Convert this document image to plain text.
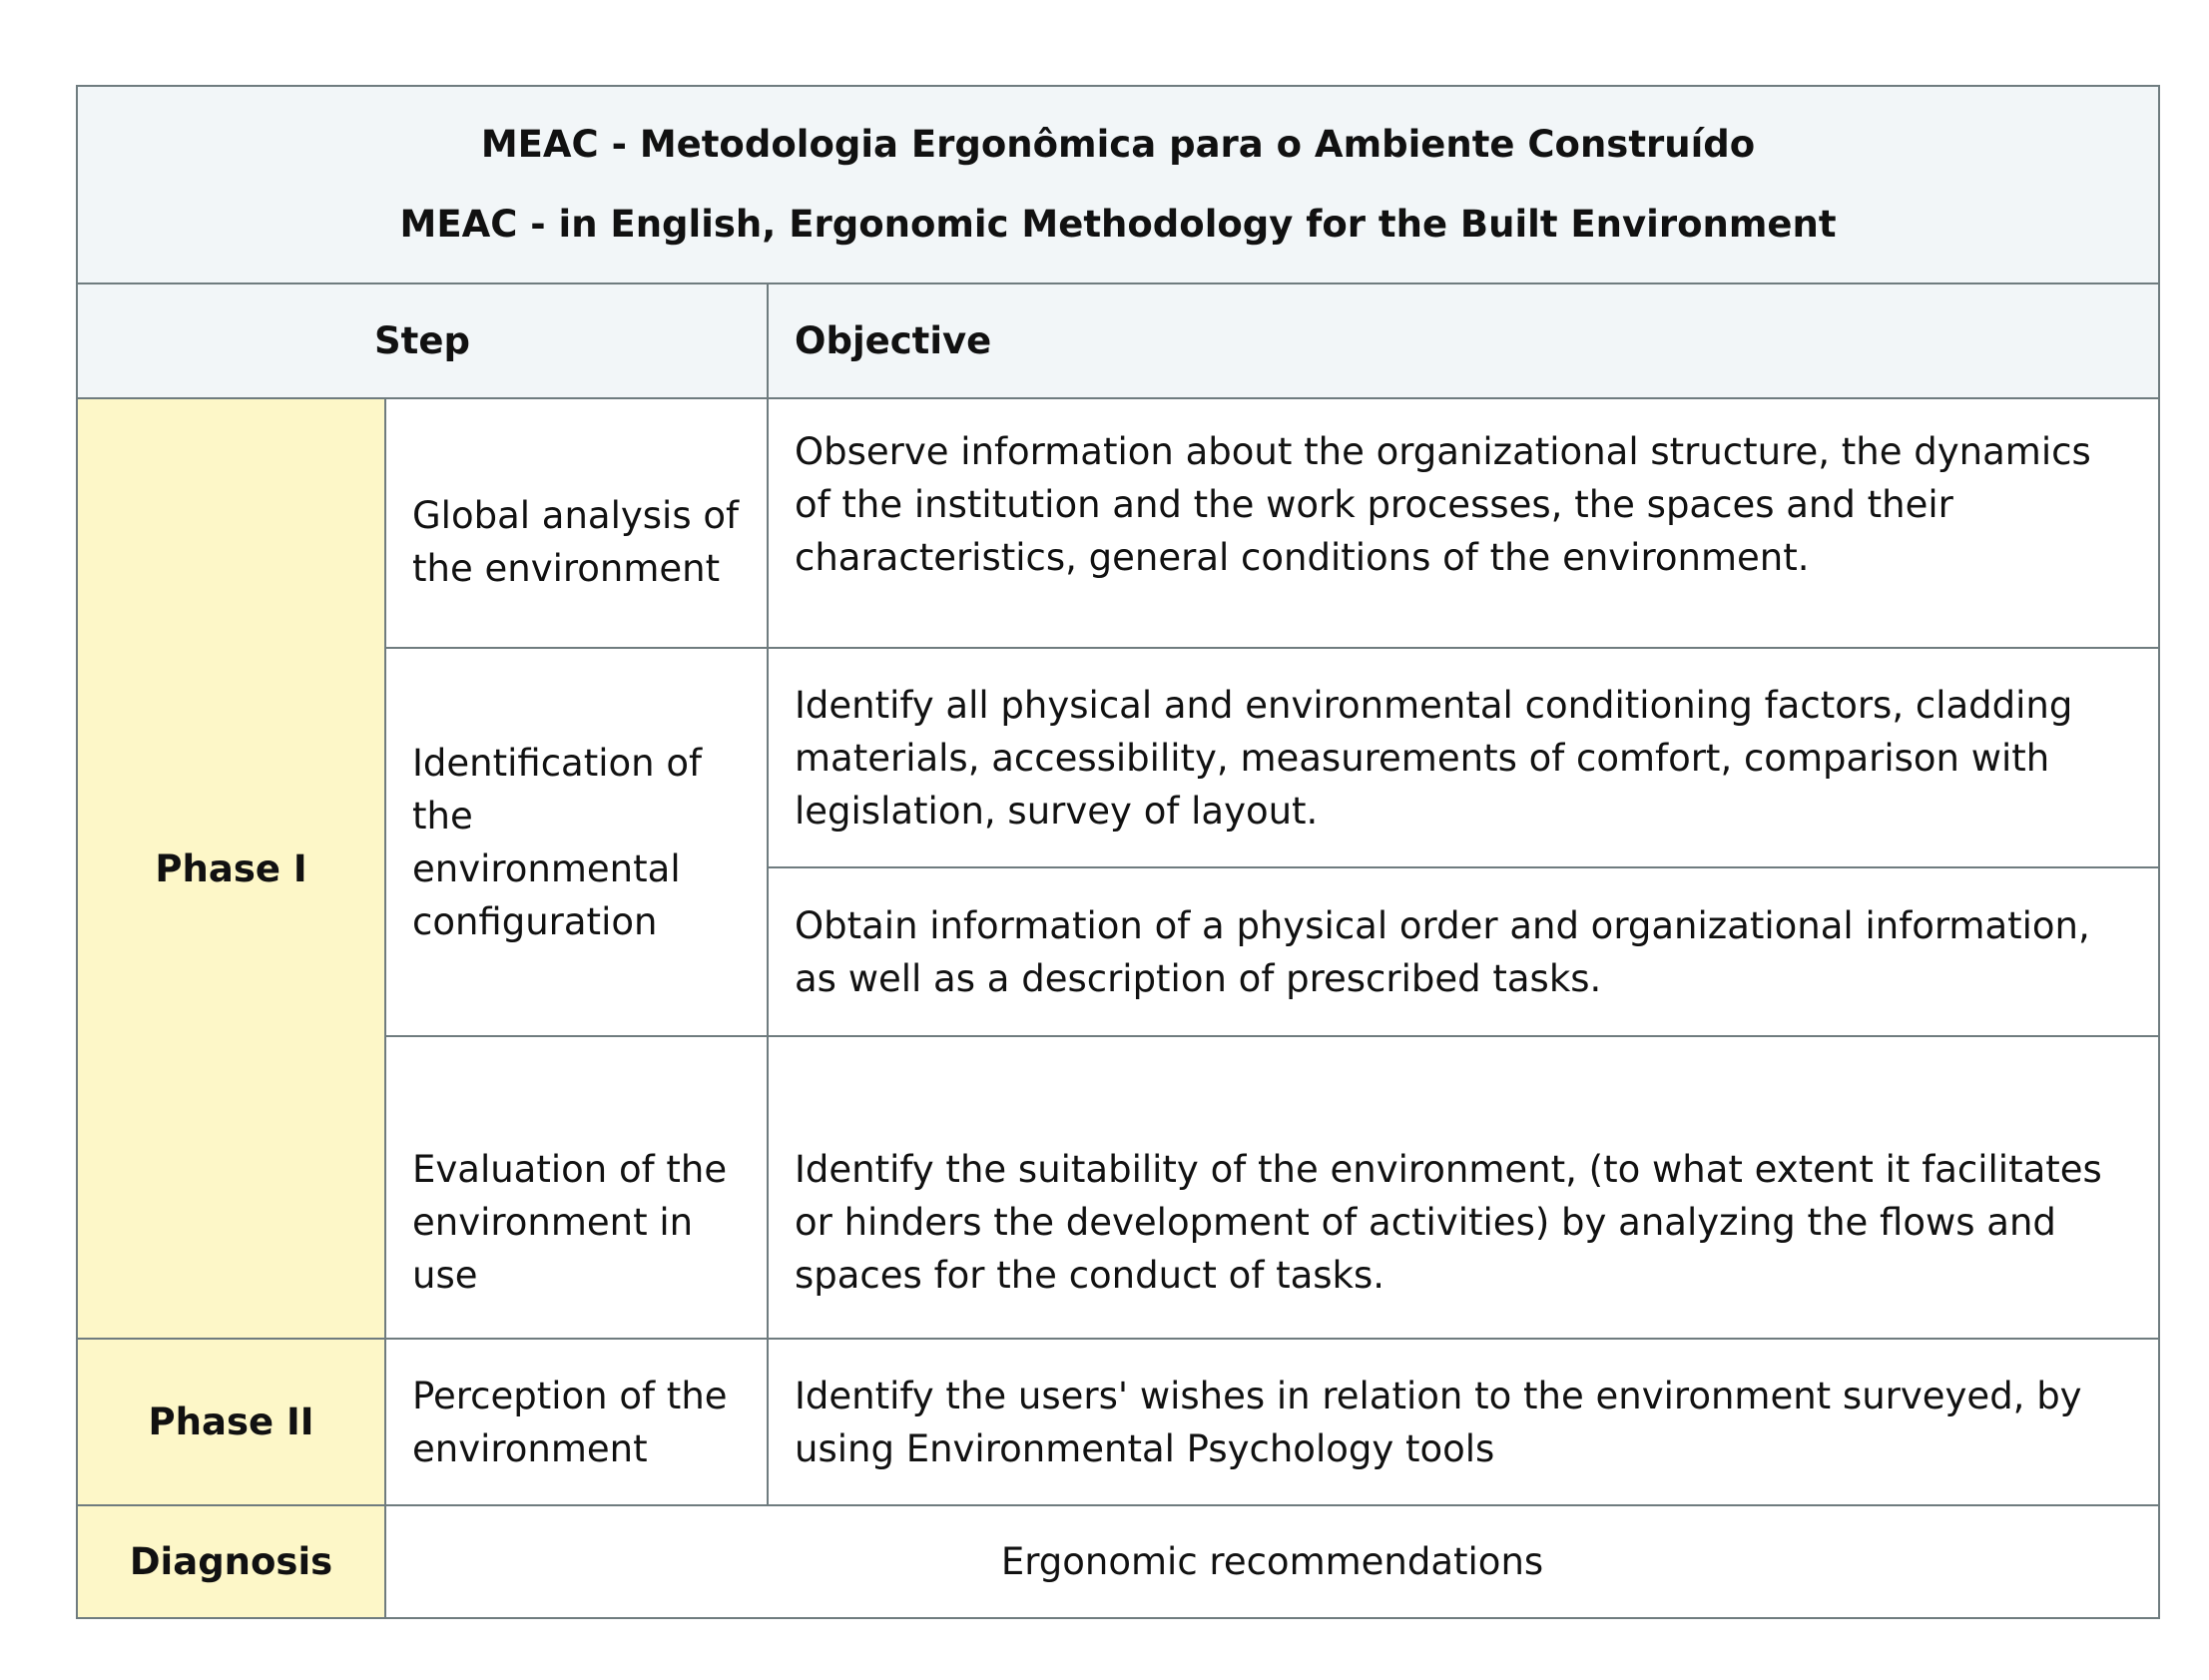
MEAC - Metodologia Ergonômica para o Ambiente Construído
MEAC - in English, Ergonomic Methodology for the Built Environment		

Step		Objective
Phase I	Global analysis of the environment	Observe information about the organizational structure, the dynamics of the institution and the work processes, the spaces and their characteristics, general conditions of the environment.
	Identification of the environmental configuration	Identify all physical and environmental conditioning factors, cladding materials, accessibility, measurements of comfort, comparison with legislation, survey of layout.
		Obtain information of a physical order and organizational information, as well as a description of prescribed tasks.
	Evaluation of the environment in use	Identify the suitability of the environment, (to what extent it facilitates or hinders the development of activities) by analyzing the flows and spaces for the conduct of tasks.
Phase II	Perception of the environment	Identify the users' wishes in relation to the environment surveyed, by using Environmental Psychology tools
Diagnosis	Ergonomic recommendations	
